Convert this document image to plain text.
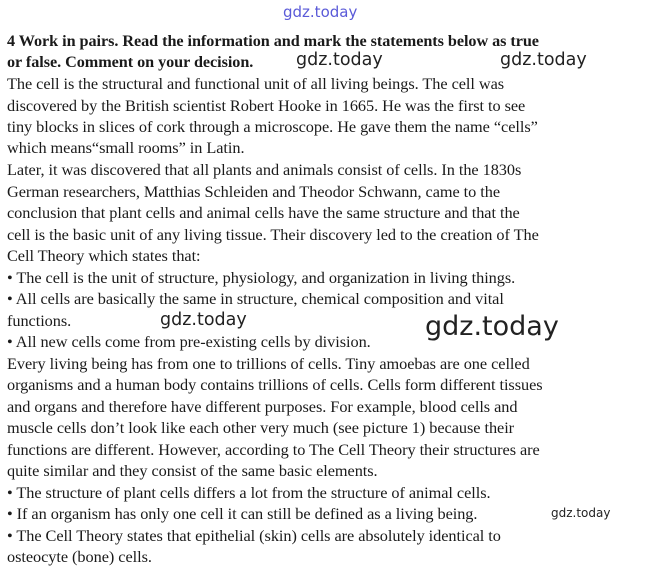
gdz.today
4 Work in pairs. Read the information and mark the statements below as true
or false. Comment on your decision. gdz.today	gdz.today
The cell is the structural and functional unit of all living beings. The cell was
discovered by the British scientist Robert Hooke in 1665. He was the first to see
tiny blocks in slices of cork through a microscope. He gave them the name “cells”
which means“small rooms” in Latin.
Later, it was discovered that all plants and animals consist of cells. In the 1830s
German researchers, Matthias Schleiden and Theodor Schwann, came to the
conclusion that plant cells and animal cells have the same structure and that the
cell is the basic unit of any living tissue. Their discovery led to the creation of The
Cell Theory which states that:
• The cell is the unit of structure, physiology, and organization in living things.
• All cells are basically the same in structure, chemical composition and vital
functions.	gdz.today
• All new cells come from pre-existing cells by division. gdz.today
Every living being has from one to trillions of cells. Tiny amoebas are one celled
organisms and a human body contains trillions of cells. Cells form different tissues
and organs and therefore have different purposes. For example, blood cells and
muscle cells don’t look like each other very much (see picture 1) because their
functions are different. However, according to The Cell Theory their structures are
quite similar and they consist of the same basic elements.
• The structure of plant cells differs a lot from the structure of animal cells.
• If an organism has only one cell it can still be defined as a living being.	gdz.today
• The Cell Theory states that epithelial (skin) cells are absolutely identical to
osteocyte (bone) cells.
